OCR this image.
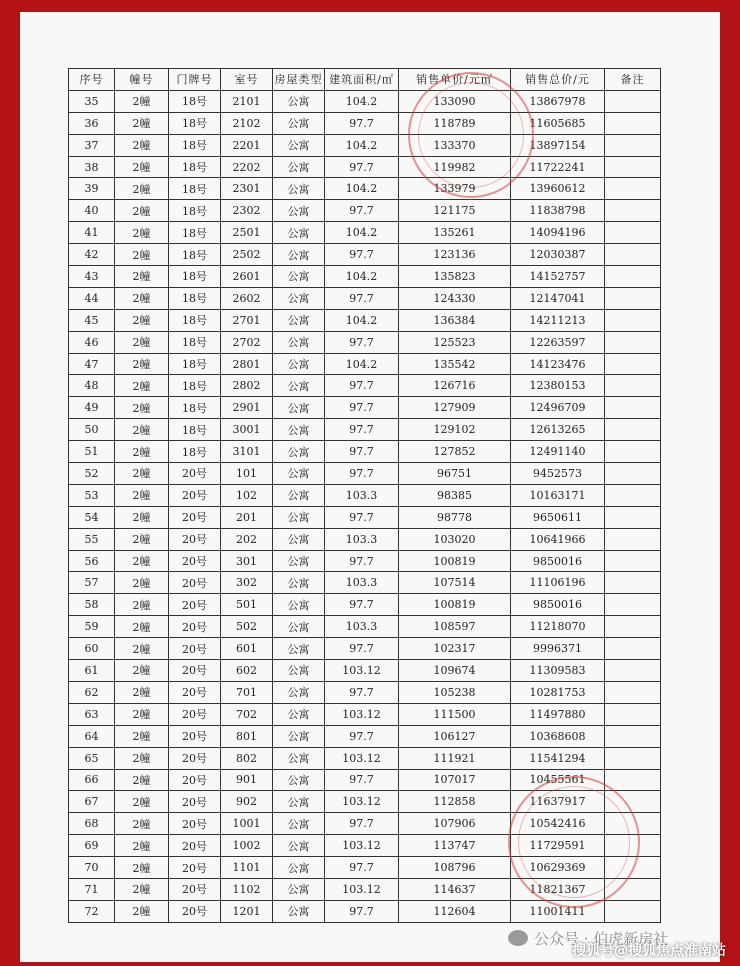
序号	幢号	门牌号	室号	房屋类型	建筑面积/㎡	销售单价/元㎡	销售总价/元	备注
35	2幢	18号	2101	公寓	104.2	133090	13867978	
36	2幢	18号	2102	公寓	97.7	118789	11605685	
37	2幢	18号	2201	公寓	104.2	133370	13897154	
38	2幢	18号	2202	公寓	97.7	119982	11722241	
39	2幢	18号	2301	公寓	104.2	133979	13960612	
40	2幢	18号	2302	公寓	97.7	121175	11838798	
41	2幢	18号	2501	公寓	104.2	135261	14094196	
42	2幢	18号	2502	公寓	97.7	123136	12030387	
43	2幢	18号	2601	公寓	104.2	135823	14152757	
44	2幢	18号	2602	公寓	97.7	124330	12147041	
45	2幢	18号	2701	公寓	104.2	136384	14211213	
46	2幢	18号	2702	公寓	97.7	125523	12263597	
47	2幢	18号	2801	公寓	104.2	135542	14123476	
48	2幢	18号	2802	公寓	97.7	126716	12380153	
49	2幢	18号	2901	公寓	97.7	127909	12496709	
50	2幢	18号	3001	公寓	97.7	129102	12613265	
51	2幢	18号	3101	公寓	97.7	127852	12491140	
52	2幢	20号	101	公寓	97.7	96751	9452573	
53	2幢	20号	102	公寓	103.3	98385	10163171	
54	2幢	20号	201	公寓	97.7	98778	9650611	
55	2幢	20号	202	公寓	103.3	103020	10641966	
56	2幢	20号	301	公寓	97.7	100819	9850016	
57	2幢	20号	302	公寓	103.3	107514	11106196	
58	2幢	20号	501	公寓	97.7	100819	9850016	
59	2幢	20号	502	公寓	103.3	108597	11218070	
60	2幢	20号	601	公寓	97.7	102317	9996371	
61	2幢	20号	602	公寓	103.12	109674	11309583	
62	2幢	20号	701	公寓	97.7	105238	10281753	
63	2幢	20号	702	公寓	103.12	111500	11497880	
64	2幢	20号	801	公寓	97.7	106127	10368608	
65	2幢	20号	802	公寓	103.12	111921	11541294	
66	2幢	20号	901	公寓	97.7	107017	10455561	
67	2幢	20号	902	公寓	103.12	112858	11637917	
68	2幢	20号	1001	公寓	97.7	107906	10542416	
69	2幢	20号	1002	公寓	103.12	113747	11729591	
70	2幢	20号	1101	公寓	97.7	108796	10629369	
71	2幢	20号	1102	公寓	103.12	114637	11821367	
72	2幢	20号	1201	公寓	97.7	112604	11001411	
公众号 · 伯虎新房社
搜狐号@搜狐焦点淮南站
